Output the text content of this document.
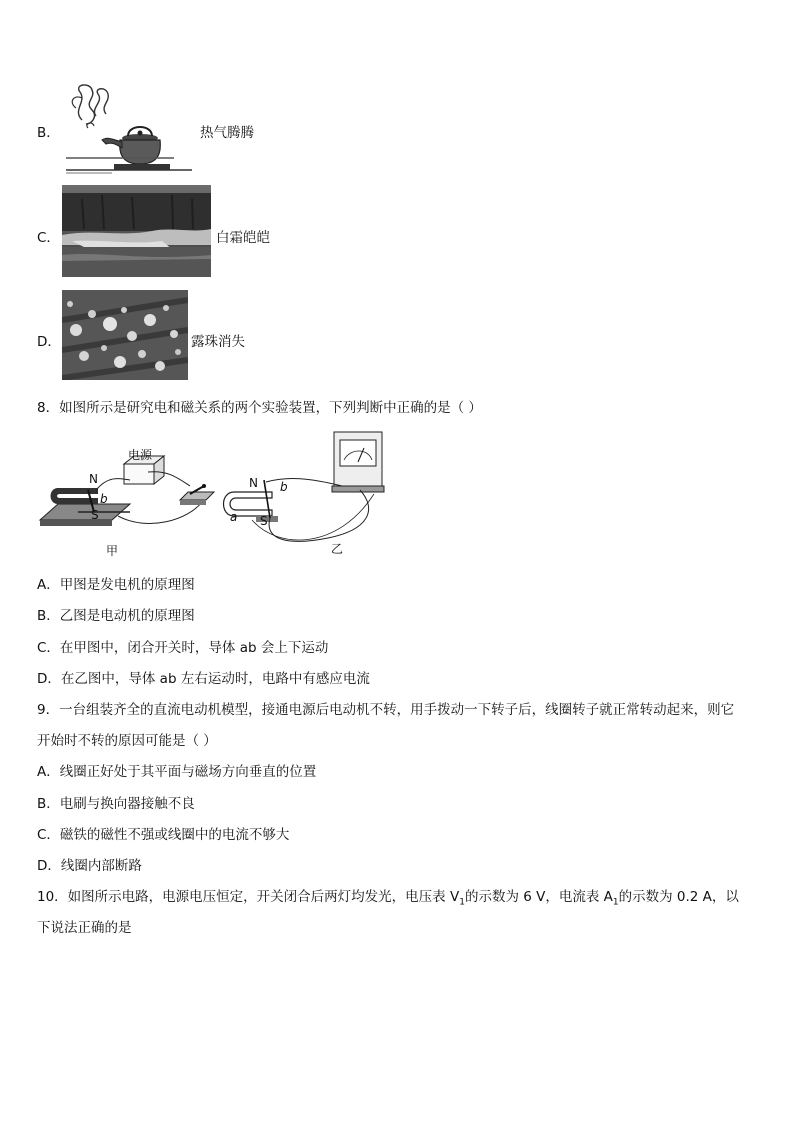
B．	热气腾腾
C．	白霜皑皑
D．	露珠消失
8．如图所示是研究电和磁关系的两个实验装置，下列判断中正确的是（ ）
N
S
b
电源
甲
N
S
a
b
乙
A．甲图是发电机的原理图
B．乙图是电动机的原理图
C．在甲图中，闭合开关时，导体 ab 会上下运动
D．在乙图中，导体 ab 左右运动时，电路中有感应电流
9．一台组装齐全的直流电动机模型，接通电源后电动机不转，用手拨动一下转子后，线圈转子就正常转动起来，则它
开始时不转的原因可能是（ ）
A．线圈正好处于其平面与磁场方向垂直的位置
B．电刷与换向器接触不良
C．磁铁的磁性不强或线圈中的电流不够大
D．线圈内部断路
10．如图所示电路，电源电压恒定，开关闭合后两灯均发光，电压表 $V_1$的示数为 6 V，电流表 $A_1$的示数为 0.2 A，以
下说法正确的是
